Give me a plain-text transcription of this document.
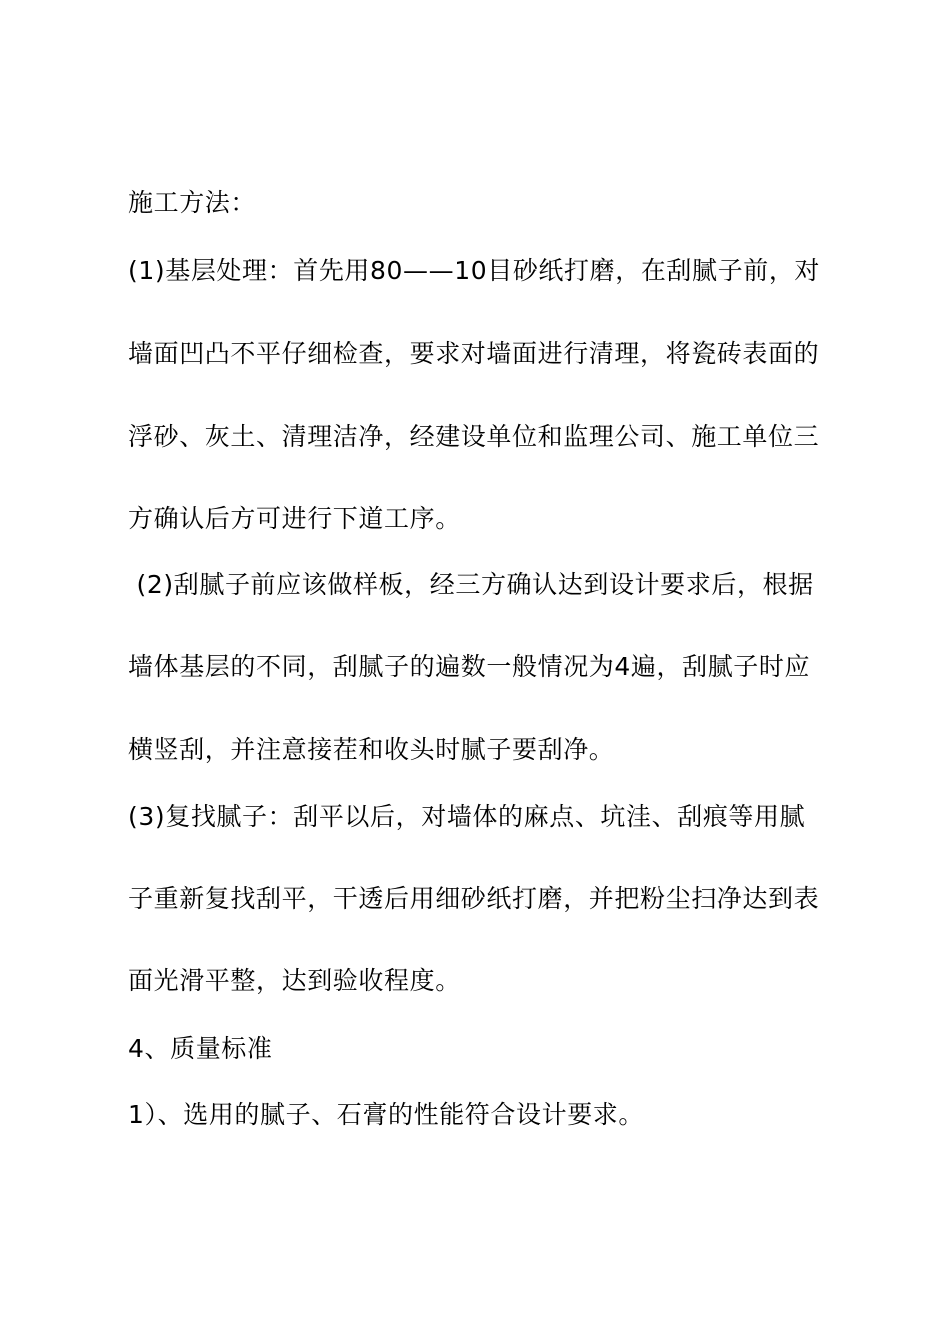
施工方法：
(1)基层处理：首先用80——10目砂纸打磨，在刮腻子前，对
墙面凹凸不平仔细检查，要求对墙面进行清理，将瓷砖表面的
浮砂、灰土、清理洁净，经建设单位和监理公司、施工单位三
方确认后方可进行下道工序。
(2)刮腻子前应该做样板，经三方确认达到设计要求后，根据
墙体基层的不同，刮腻子的遍数一般情况为4遍，刮腻子时应
横竖刮，并注意接茬和收头时腻子要刮净。
(3)复找腻子：刮平以后，对墙体的麻点、坑洼、刮痕等用腻
子重新复找刮平，干透后用细砂纸打磨，并把粉尘扫净达到表
面光滑平整，达到验收程度。
4、质量标准
1）、选用的腻子、石膏的性能符合设计要求。
